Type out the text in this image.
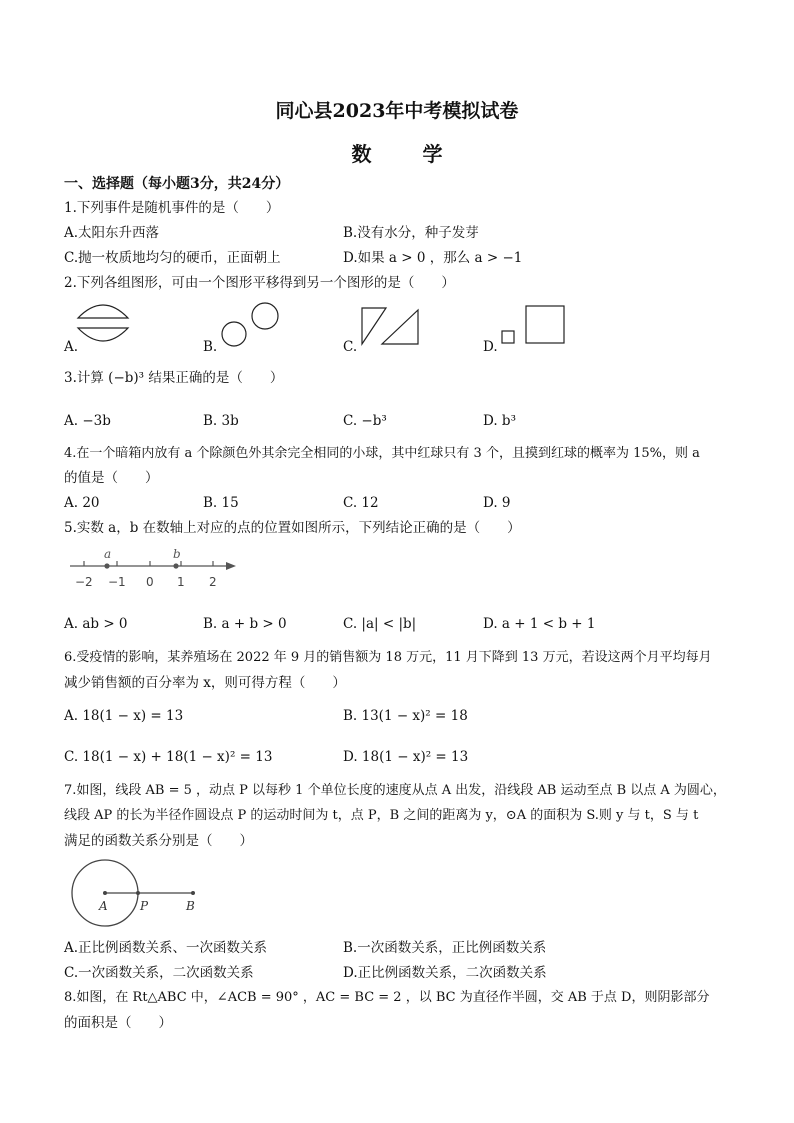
同心县2023年中考模拟试卷
数 学
一、选择题（每小题3分，共24分）
1.下列事件是随机事件的是（　　）
A.太阳东升西落	B.没有水分，种子发芽
C.抛一枚质地均匀的硬币，正面朝上	D.如果 a > 0 ，那么 a > −1
2.下列各组图形，可由一个图形平移得到另一个图形的是（　　）
A.	B.	C.	D.
3.计算 (−b)³ 结果正确的是（　　）
A. −3b	B. 3b	C. −b³	D. b³
4.在一个暗箱内放有 a 个除颜色外其余完全相同的小球，其中红球只有 3 个，且摸到红球的概率为 15%，则 a
的值是（　　）
A. 20	B. 15	C. 12	D. 9
5.实数 a，b 在数轴上对应的点的位置如图所示，下列结论正确的是（　　）
a	b
−2 −1 0 1 2
A. ab > 0	B. a + b > 0	C. |a| < |b|	D. a + 1 < b + 1
6.受疫情的影响，某养殖场在 2022 年 9 月的销售额为 18 万元，11 月下降到 13 万元，若设这两个月平均每月
减少销售额的百分率为 x，则可得方程（　　）
A. 18(1 − x) = 13	B. 13(1 − x)² = 18
C. 18(1 − x) + 18(1 − x)² = 13	D. 18(1 − x)² = 13
7.如图，线段 AB = 5 ，动点 P 以每秒 1 个单位长度的速度从点 A 出发，沿线段 AB 运动至点 B 以点 A 为圆心，
线段 AP 的长为半径作圆设点 P 的运动时间为 t，点 P，B 之间的距离为 y，⊙A 的面积为 S.则 y 与 t，S 与 t
满足的函数关系分别是（　　）
A	P	B
A.正比例函数关系、一次函数关系	B.一次函数关系，正比例函数关系
C.一次函数关系，二次函数关系	D.正比例函数关系，二次函数关系
8.如图，在 Rt△ABC 中，∠ACB = 90° ，AC = BC = 2 ，以 BC 为直径作半圆，交 AB 于点 D，则阴影部分
的面积是（　　）
